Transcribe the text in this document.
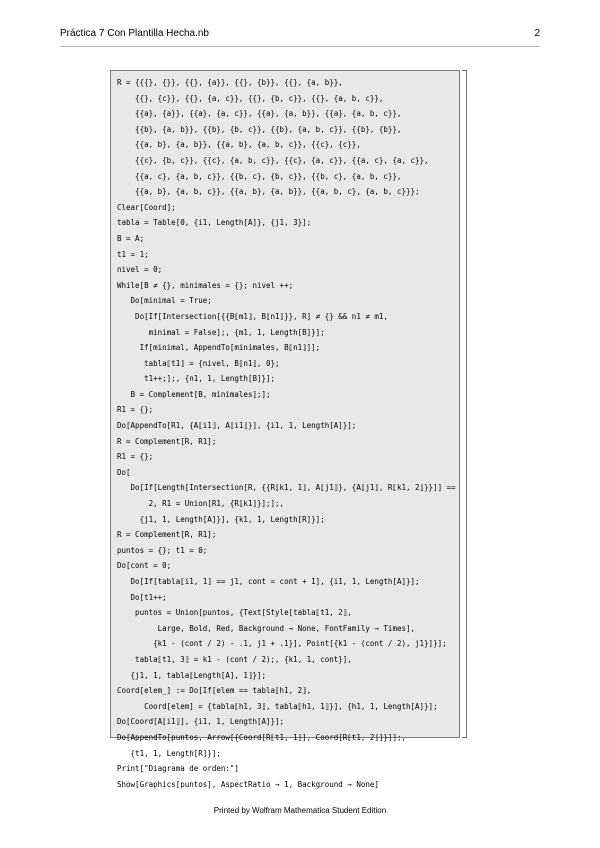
Práctica 7 Con Plantilla Hecha.nb	2
R = {{{}, {}}, {{}, {a}}, {{}, {b}}, {{}, {a, b}},
{{}, {c}}, {{}, {a, c}}, {{}, {b, c}}, {{}, {a, b, c}},
{{a}, {a}}, {{a}, {a, c}}, {{a}, {a, b}}, {{a}, {a, b, c}},
{{b}, {a, b}}, {{b}, {b, c}}, {{b}, {a, b, c}}, {{b}, {b}},
{{a, b}, {a, b}}, {{a, b}, {a, b, c}}, {{c}, {c}},
{{c}, {b, c}}, {{c}, {a, b, c}}, {{c}, {a, c}}, {{a, c}, {a, c}},
{{a, c}, {a, b, c}}, {{b, c}, {b, c}}, {{b, c}, {a, b, c}},
{{a, b}, {a, b, c}}, {{a, b}, {a, b}}, {{a, b, c}, {a, b, c}}};
Clear[Coord];
tabla = Table[0, {i1, Length[A]}, {j1, 3}];
B = A;
t1 = 1;
nivel = 0;
While[B ≠ {}, minimales = {}; nivel ++;
Do[minimal = True;
Do[If[Intersection[{{B⟦m1⟧, B⟦n1⟧}}, R] ≠ {} && n1 ≠ m1,
minimal = False];, {m1, 1, Length[B]}];
If[minimal, AppendTo[minimales, B⟦n1⟧]];
tabla⟦t1⟧ = {nivel, B⟦n1⟧, 0};
t1++;];, {n1, 1, Length[B]}];
B = Complement[B, minimales];];
R1 = {};
Do[AppendTo[R1, {A⟦i1⟧, A⟦i1⟧}], {i1, 1, Length[A]}];
R = Complement[R, R1];
R1 = {};
Do[
Do[If[Length[Intersection[R, {{R⟦k1, 1⟧, A⟦j1⟧}, {A⟦j1⟧, R⟦k1, 2⟧}}]] ==
2, R1 = Union[R1, {R⟦k1⟧}];];,
{j1, 1, Length[A]}], {k1, 1, Length[R]}];
R = Complement[R, R1];
puntos = {}; t1 = 0;
Do[cont = 0;
Do[If[tabla⟦i1, 1⟧ == j1, cont = cont + 1], {i1, 1, Length[A]}];
Do[t1++;
puntos = Union[puntos, {Text[Style[tabla⟦t1, 2⟧,
Large, Bold, Red, Background → None, FontFamily → Times],
{k1 - (cont / 2) - .1, j1 + .1}], Point[{k1 - (cont / 2), j1}]}];
tabla⟦t1, 3⟧ = k1 - (cont / 2);, {k1, 1, cont}],
{j1, 1, tabla⟦Length[A], 1⟧}];
Coord[elem_] := Do[If[elem == tabla⟦h1, 2⟧,
Coord[elem] = {tabla⟦h1, 3⟧, tabla⟦h1, 1⟧}], {h1, 1, Length[A]}];
Do[Coord[A⟦i1⟧], {i1, 1, Length[A]}];
Do[AppendTo[puntos, Arrow[{Coord[R⟦t1, 1⟧], Coord[R⟦t1, 2⟧]}]];,
{t1, 1, Length[R]}];
Print["Diagrama de orden:"]
Show[Graphics[puntos], AspectRatio → 1, Background → None]
Printed by Wolfram Mathematica Student Edition
